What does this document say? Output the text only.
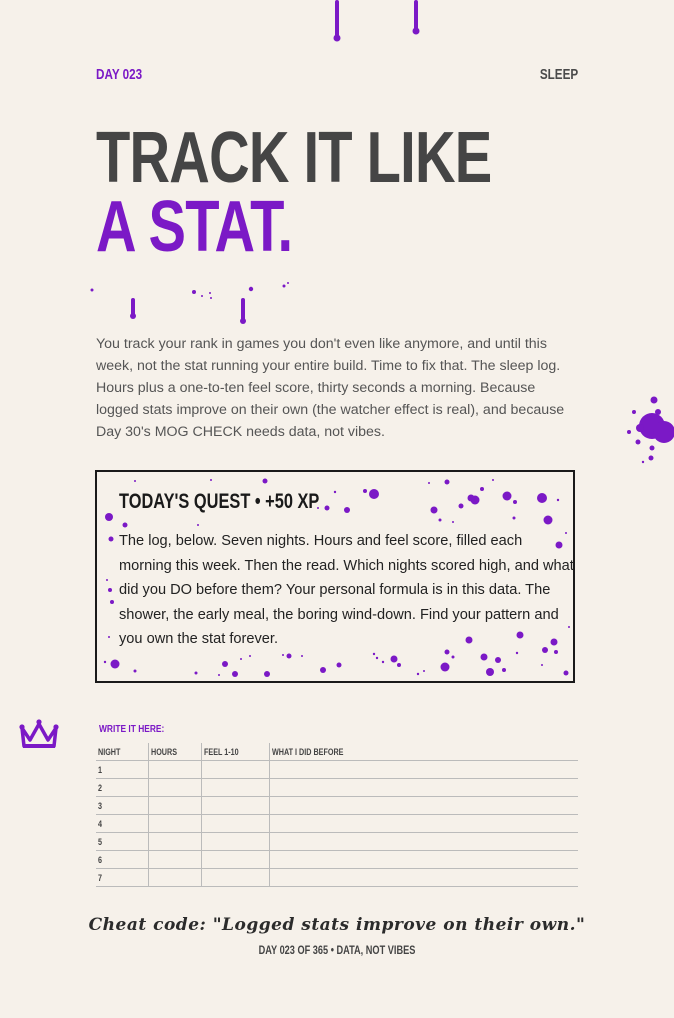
DAY 023	SLEEP
TRACK IT LIKE
A STAT.
You track your rank in games you don't even like anymore, and until this week, not the stat running your entire build. Time to fix that. The sleep log. Hours plus a one-to-ten feel score, thirty seconds a morning. Because logged stats improve on their own (the watcher effect is real), and because Day 30's MOG CHECK needs data, not vibes.
TODAY'S QUEST • +50 XP
The log, below. Seven nights. Hours and feel score, filled each morning this week. Then the read. Which nights scored high, and what did you DO before them? Your personal formula is in this data. The shower, the early meal, the boring wind-down. Find your pattern and you own the stat forever.
WRITE IT HERE:
NIGHT	HOURS	FEEL 1-10	WHAT I DID BEFORE
1			
2			
3			
4			
5			
6			
7			
Cheat code: "Logged stats improve on their own."
DAY 023 OF 365 • DATA, NOT VIBES
